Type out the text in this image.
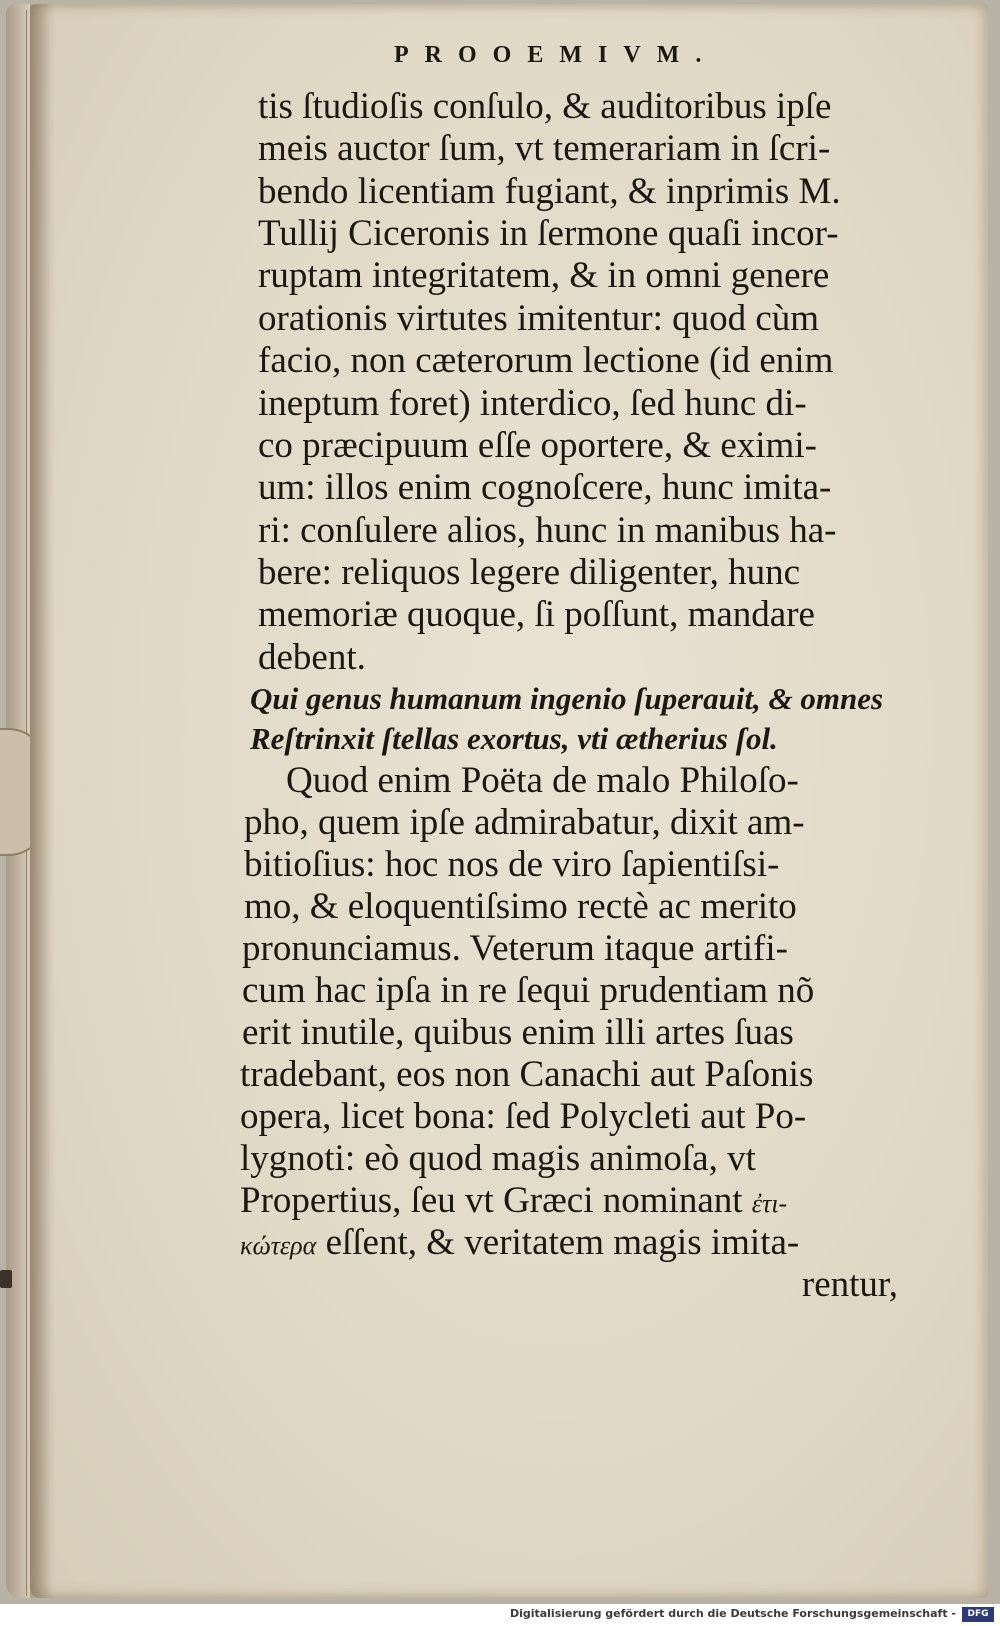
PROOEMIVM.
tis ſtudioſis conſulo, & auditoribus ipſe
meis auctor ſum, vt temerariam in ſcri-
bendo licentiam fugiant, & inprimis M.
Tullij Ciceronis in ſermone quaſi incor-
ruptam integritatem, & in omni genere
orationis virtutes imitentur: quod cùm
facio, non cæterorum lectione (id enim
ineptum foret) interdico, ſed hunc di-
co præcipuum eſſe oportere, & eximi-
um: illos enim cognoſcere, hunc imita-
ri: conſulere alios, hunc in manibus ha-
bere: reliquos legere diligenter, hunc
memoriæ quoque, ſi poſſunt, mandare
debent.
Qui genus humanum ingenio ſuperauit, & omnes
Reſtrinxit ſtellas exortus, vti ætherius ſol.
Quod enim Poëta de malo Philoſo-
pho, quem ipſe admirabatur, dixit am-
bitioſius: hoc nos de viro ſapientiſsi-
mo, & eloquentiſsimo rectè ac merito
pronunciamus. Veterum itaque artifi-
cum hac ipſa in re ſequi prudentiam nõ
erit inutile, quibus enim illi artes ſuas
tradebant, eos non Canachi aut Paſonis
opera, licet bona: ſed Polycleti aut Po-
lygnoti: eò quod magis animoſa, vt
Propertius, ſeu vt Græci nominant ἐτι-
κώτερα eſſent, & veritatem magis imita-
rentur,
Digitalisierung gefördert durch die Deutsche Forschungsgemeinschaft -	DFG
